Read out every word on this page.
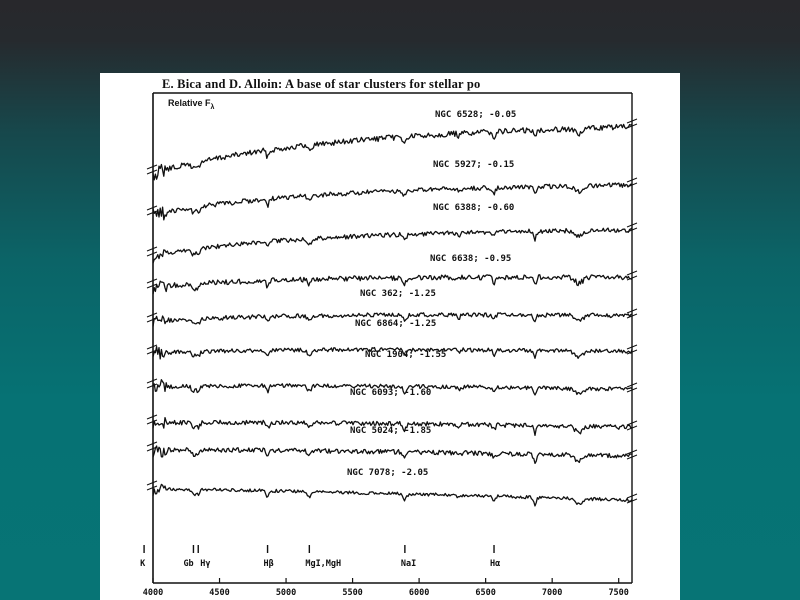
E. Bica and D. Alloin: A base of star clusters for stellar po
NGC 6528; -0.05
NGC 5927; -0.15
NGC 6388; -0.60
NGC 6638; -0.95
NGC 362; -1.25
NGC 6864; -1.25
NGC 1904; -1.55
NGC 6093; -1.60
NGC 5024; -1.85
NGC 7078; -2.05
K	Gb Hγ	Hβ	MgI,MgH	NaI	Hα
4000	4500	5000	5500	6000	6500	7000	7500
Relative $F_\lambda$
